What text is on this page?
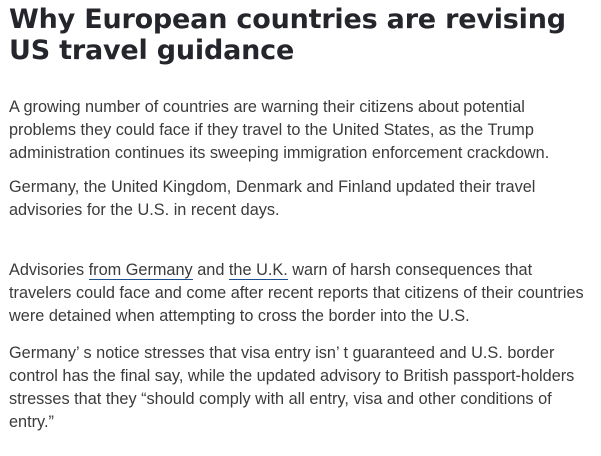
Why European countries are revising US travel guidance

A growing number of countries are warning their citizens about potential problems they could face if they travel to the United States, as the Trump administration continues its sweeping immigration enforcement crackdown.

Germany, the United Kingdom, Denmark and Finland updated their travel advisories for the U.S. in recent days.

Advisories from Germany and the U.K. warn of harsh consequences that travelers could face and come after recent reports that citizens of their countries were detained when attempting to cross the border into the U.S.

Germany’ s notice stresses that visa entry isn’ t guaranteed and U.S. border control has the final say, while the updated advisory to British passport-holders stresses that they “should comply with all entry, visa and other conditions of entry.”
